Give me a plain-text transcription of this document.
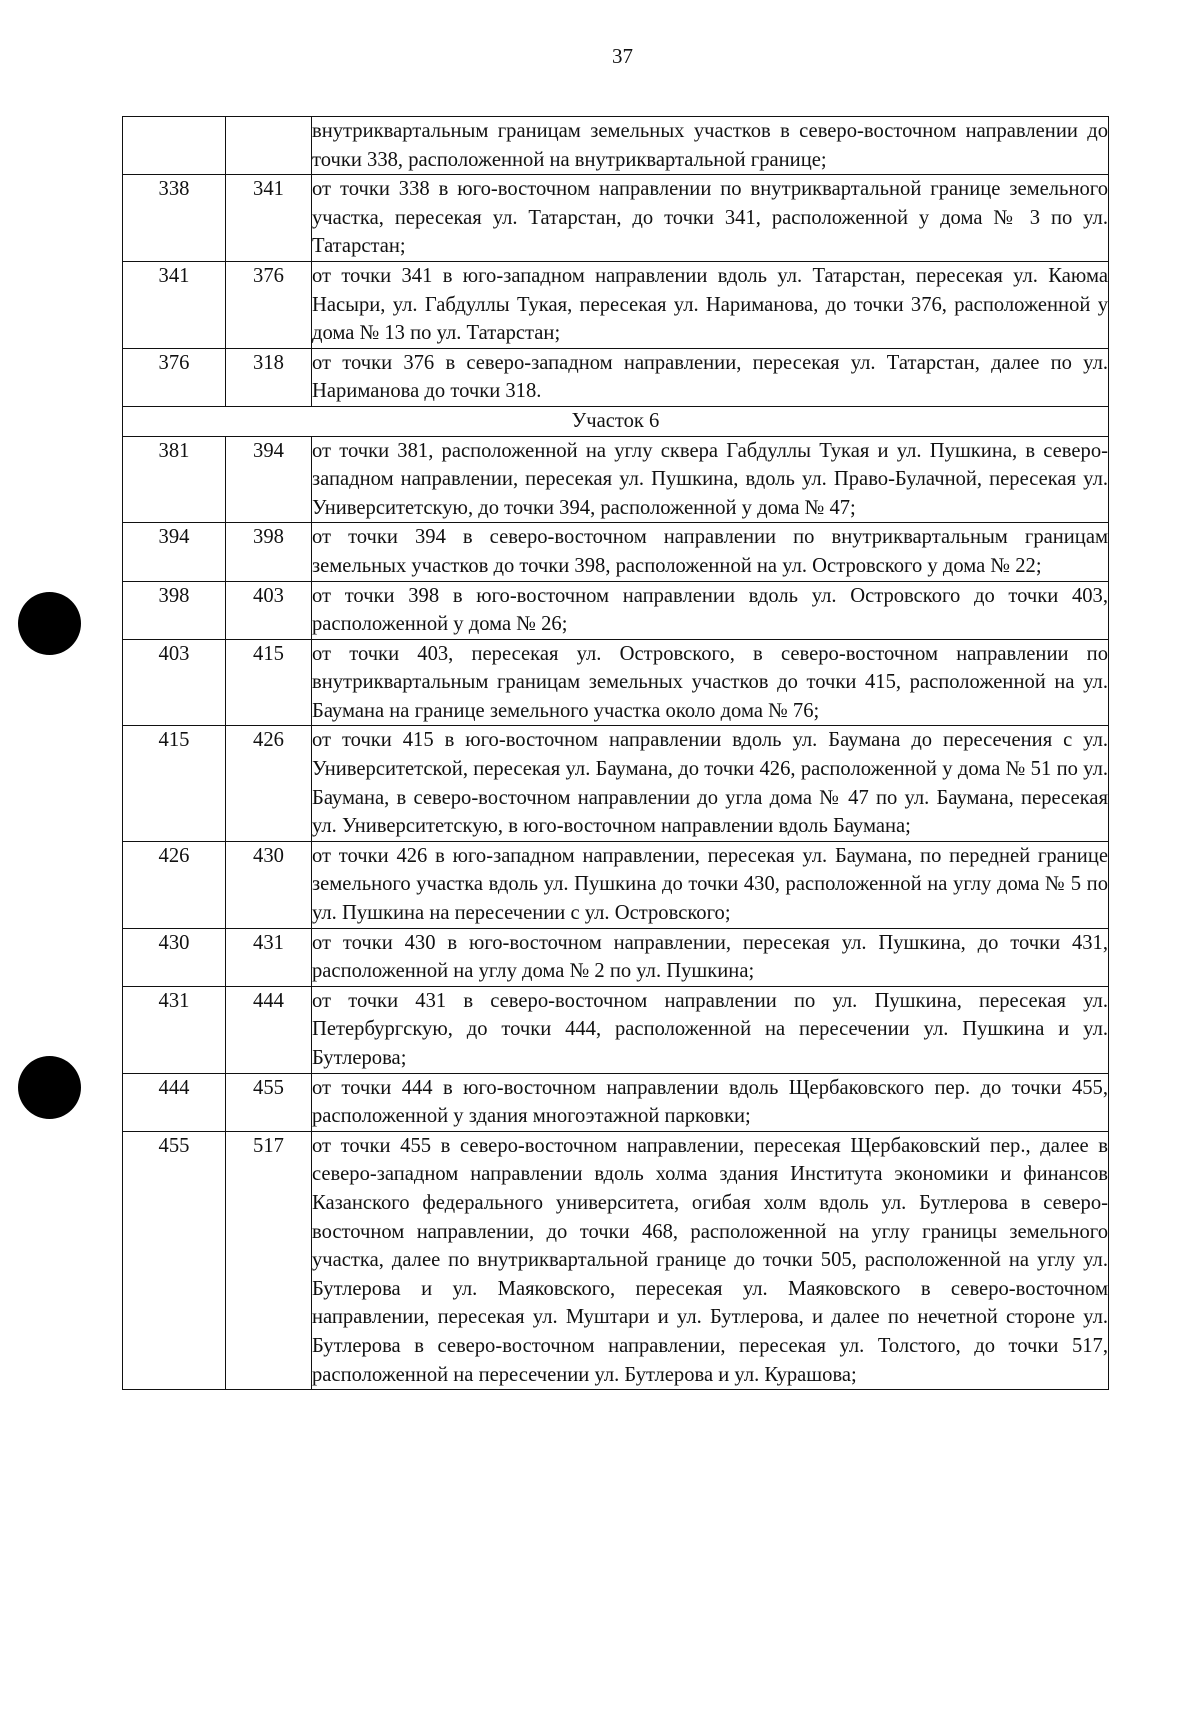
37
		внутриквартальным границам земельных участков в северо-восточном направлении до точки 338, расположенной на внутриквартальной границе;
338	341	от точки 338 в юго-восточном направлении по внутриквартальной границе земельного участка, пересекая ул. Татарстан, до точки 341, расположенной у дома № 3 по ул. Татарстан;
341	376	от точки 341 в юго-западном направлении вдоль ул. Татарстан, пересекая ул. Каюма Насыри, ул. Габдуллы Тукая, пересекая ул. Нариманова, до точки 376, расположенной у дома № 13 по ул. Татарстан;
376	318	от точки 376 в северо-западном направлении, пересекая ул. Татарстан, далее по ул. Нариманова до точки 318.
Участок 6		
381	394	от точки 381, расположенной на углу сквера Габдуллы Тукая и ул. Пушкина, в северо-западном направлении, пересекая ул. Пушкина, вдоль ул. Право-Булачной, пересекая ул. Университетскую, до точки 394, расположенной у дома № 47;
394	398	от точки 394 в северо-восточном направлении по внутриквартальным границам земельных участков до точки 398, расположенной на ул. Островского у дома № 22;
398	403	от точки 398 в юго-восточном направлении вдоль ул. Островского до точки 403, расположенной у дома № 26;
403	415	от точки 403, пересекая ул. Островского, в северо-восточном направлении по внутриквартальным границам земельных участков до точки 415, расположенной на ул. Баумана на границе земельного участка около дома № 76;
415	426	от точки 415 в юго-восточном направлении вдоль ул. Баумана до пересечения с ул. Университетской, пересекая ул. Баумана, до точки 426, расположенной у дома № 51 по ул. Баумана, в северо-восточном направлении до угла дома № 47 по ул. Баумана, пересекая ул. Университетскую, в юго-восточном направлении вдоль Баумана;
426	430	от точки 426 в юго-западном направлении, пересекая ул. Баумана, по передней границе земельного участка вдоль ул. Пушкина до точки 430, расположенной на углу дома № 5 по ул. Пушкина на пересечении с ул. Островского;
430	431	от точки 430 в юго-восточном направлении, пересекая ул. Пушкина, до точки 431, расположенной на углу дома № 2 по ул. Пушкина;
431	444	от точки 431 в северо-восточном направлении по ул. Пушкина, пересекая ул. Петербургскую, до точки 444, расположенной на пересечении ул. Пушкина и ул. Бутлерова;
444	455	от точки 444 в юго-восточном направлении вдоль Щербаковского пер. до точки 455, расположенной у здания многоэтажной парковки;
455	517	от точки 455 в северо-восточном направлении, пересекая Щербаковский пер., далее в северо-западном направлении вдоль холма здания Института экономики и финансов Казанского федерального университета, огибая холм вдоль ул. Бутлерова в северо-восточном направлении, до точки 468, расположенной на углу границы земельного участка, далее по внутриквартальной границе до точки 505, расположенной на углу ул. Бутлерова и ул. Маяковского, пересекая ул. Маяковского в северо-восточном направлении, пересекая ул. Муштари и ул. Бутлерова, и далее по нечетной стороне ул. Бутлерова в северо-восточном направлении, пересекая ул. Толстого, до точки 517, расположенной на пересечении ул. Бутлерова и ул. Курашова;
